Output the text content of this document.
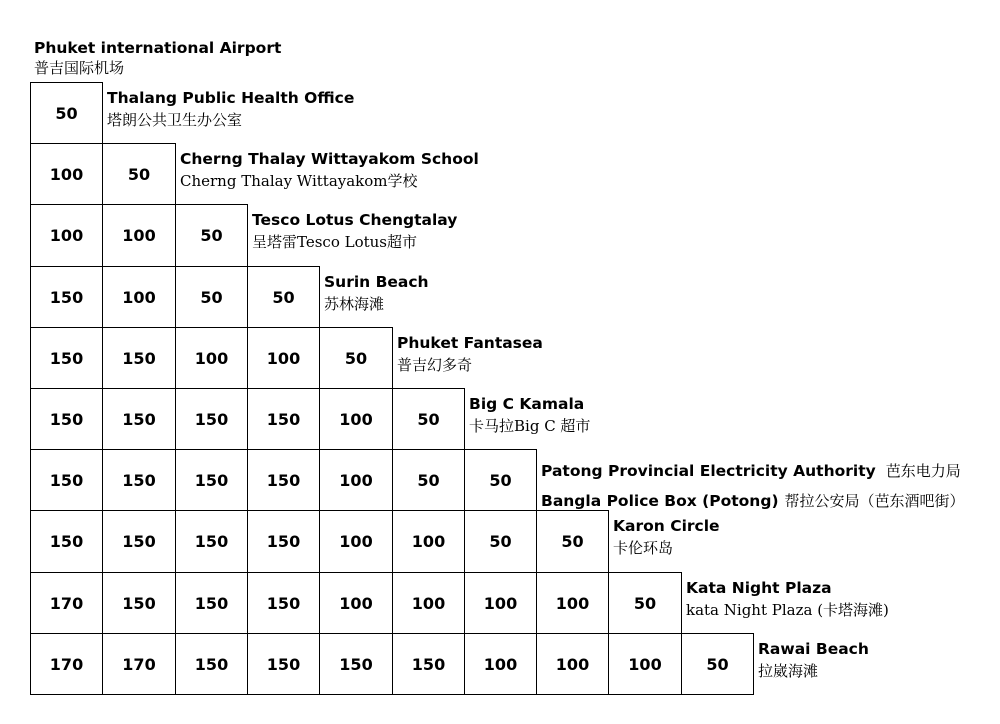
Phuket international Airport
普吉国际机场
50
Thalang Public Health Office
塔朗公共卫生办公室
100	50
Cherng Thalay Wittayakom School
Cherng Thalay Wittayakom学校
100	100	50
Tesco Lotus Chengtalay
呈塔雷Tesco Lotus超市
150	100	50	50
Surin Beach
苏林海滩
150	150	100	100	50
Phuket Fantasea
普吉幻多奇
150	150	150	150	100	50
Big C Kamala
卡马拉Big C 超市
150	150	150	150	100	50	50	Patong Provincial Electricity Authority 芭东电力局
Bangla Police Box (Potong) 帮拉公安局（芭东酒吧街）
150	150	150	150	100	100	50	50
Karon Circle
卡伦环岛
170	150	150	150	100	100	100	100	50
Kata Night Plaza
kata Night Plaza (卡塔海滩)
170	170	150	150	150	150	100	100	100	50
Rawai Beach
拉崴海滩
